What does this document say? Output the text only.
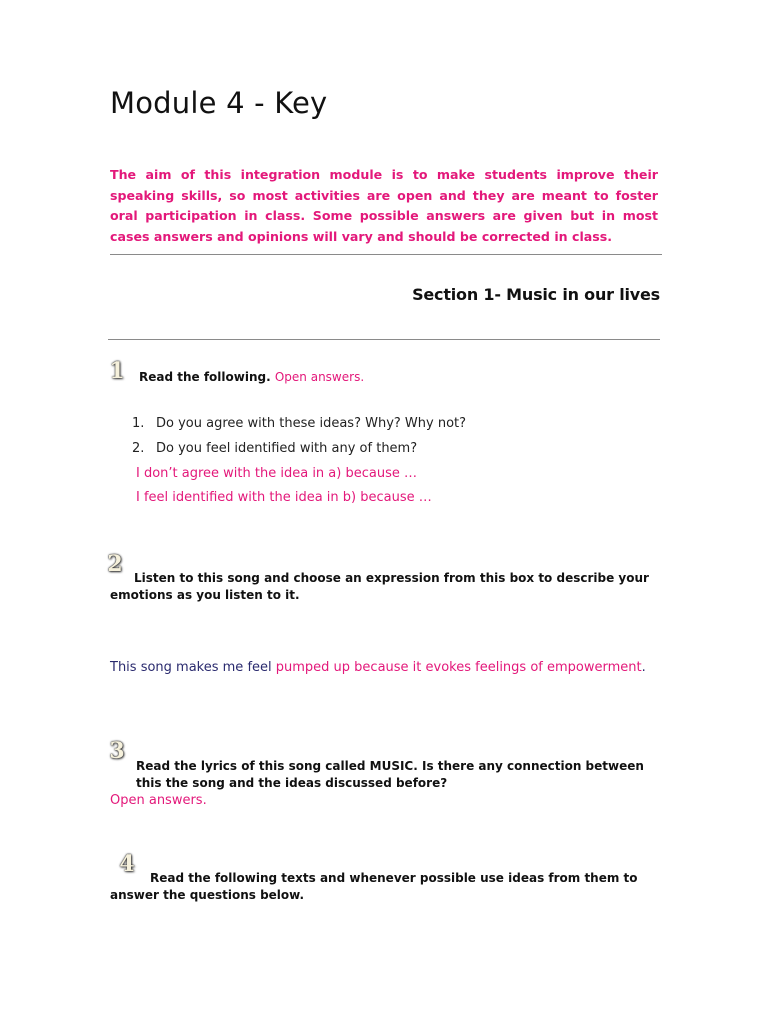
Module 4 - Key
The aim of this integration module is to make students improve their speaking skills, so most activities are open and they are meant to foster oral participation in class. Some possible answers are given but in most cases answers and opinions will vary and should be corrected in class.
Section 1- Music in our lives
1 Read the following. Open answers.
1. Do you agree with these ideas? Why? Why not?
2. Do you feel identified with any of them?
I don’t agree with the idea in a) because …
I feel identified with the idea in b) because …
2
Listen to this song and choose an expression from this box to describe your emotions as you listen to it.
This song makes me feel pumped up because it evokes feelings of empowerment.
3
Read the lyrics of this song called MUSIC. Is there any connection between this the song and the ideas discussed before?
Open answers.
4
Read the following texts and whenever possible use ideas from them to answer the questions below.
